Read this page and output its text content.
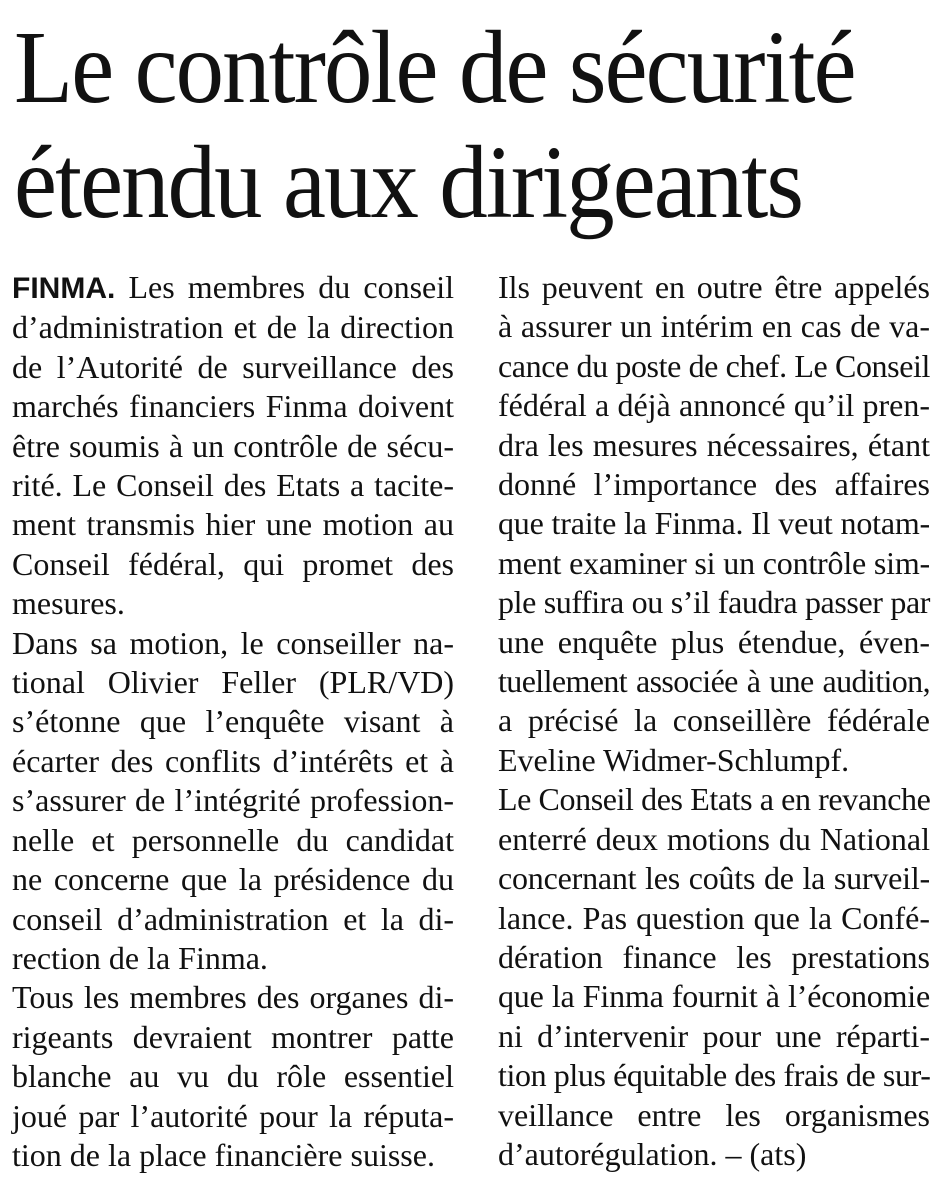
Le contrôle de sécurité
étendu aux dirigeants

FINMA. Les membres du conseil

d’administration et de la direction

de l’Autorité de surveillance des

marchés financiers Finma doivent

être soumis à un contrôle de sécu-

rité. Le Conseil des Etats a tacite-

ment transmis hier une motion au

Conseil fédéral, qui promet des

mesures.

Dans sa motion, le conseiller na-

tional Olivier Feller (PLR/VD)

s’étonne que l’enquête visant à

écarter des conflits d’intérêts et à

s’assurer de l’intégrité profession-

nelle et personnelle du candidat

ne concerne que la présidence du

conseil d’administration et la di-

rection de la Finma.

Tous les membres des organes di-

rigeants devraient montrer patte

blanche au vu du rôle essentiel

joué par l’autorité pour la réputa-

tion de la place financière suisse.

Ils peuvent en outre être appelés

à assurer un intérim en cas de va-

cance du poste de chef. Le Conseil

fédéral a déjà annoncé qu’il pren-

dra les mesures nécessaires, étant

donné l’importance des affaires

que traite la Finma. Il veut notam-

ment examiner si un contrôle sim-

ple suffira ou s’il faudra passer par

une enquête plus étendue, éven-

tuellement associée à une audition,

a précisé la conseillère fédérale

Eveline Widmer-Schlumpf.

Le Conseil des Etats a en revanche

enterré deux motions du National

concernant les coûts de la surveil-

lance. Pas question que la Confé-

dération finance les prestations

que la Finma fournit à l’économie

ni d’intervenir pour une réparti-

tion plus équitable des frais de sur-

veillance entre les organismes

d’autorégulation. – (ats)
